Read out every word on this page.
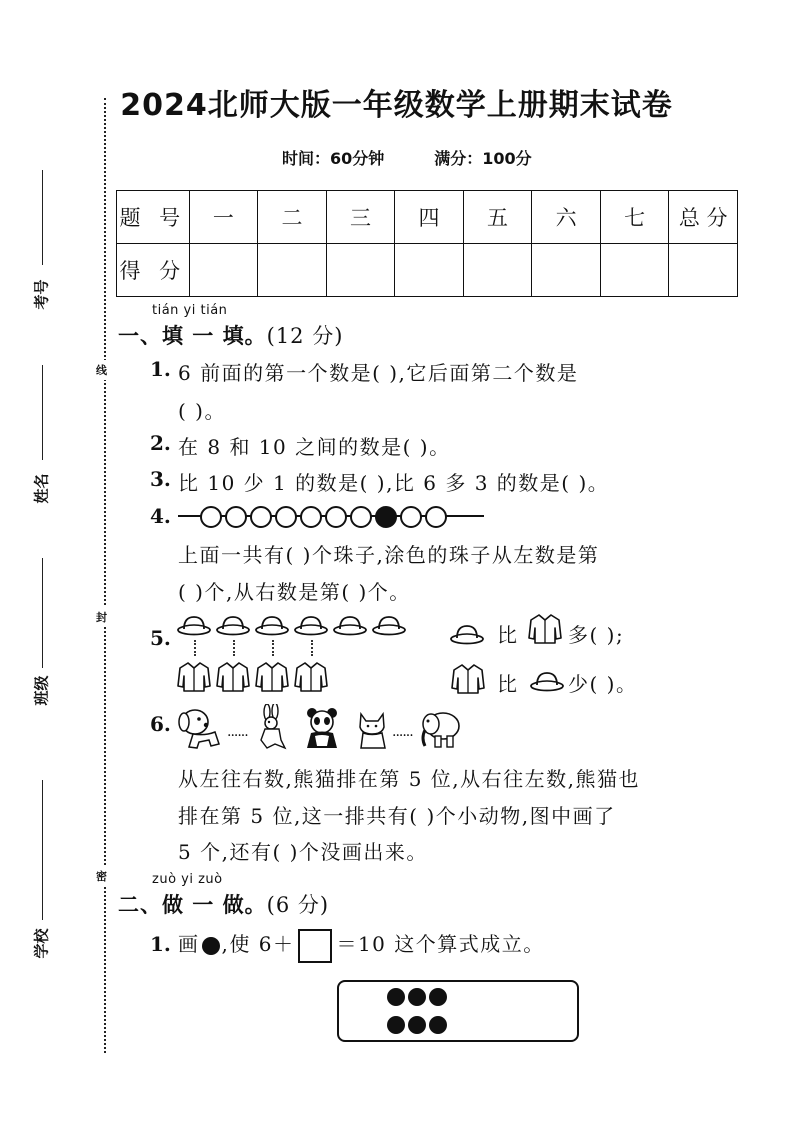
线
封
密
考号
姓名
班级
学校
2024北师大版一年级数学上册期末试卷
时间：60分钟	满分：100分
题 号	一	二	三	四	五	六	七	总 分
得 分								
tián yi tián
一、填 一 填。(12 分)
1. 6 前面的第一个数是( ),它后面第二个数是
( )。
2. 在 8 和 10 之间的数是( )。
3. 比 10 少 1 的数是( ),比 6 多 3 的数是( )。
4.
上面一共有( )个珠子,涂色的珠子从左数是第
( )个,从右数是第( )个。
5.	比 多( );
比 少( )。
6.	......	......
从左往右数,熊猫排在第 5 位,从右往左数,熊猫也
排在第 5 位,这一排共有( )个小动物,图中画了
5 个,还有( )个没画出来。
zuò yi zuò
二、做 一 做。(6 分)
1. 画 ,使 6＋ ＝10 这个算式成立。
